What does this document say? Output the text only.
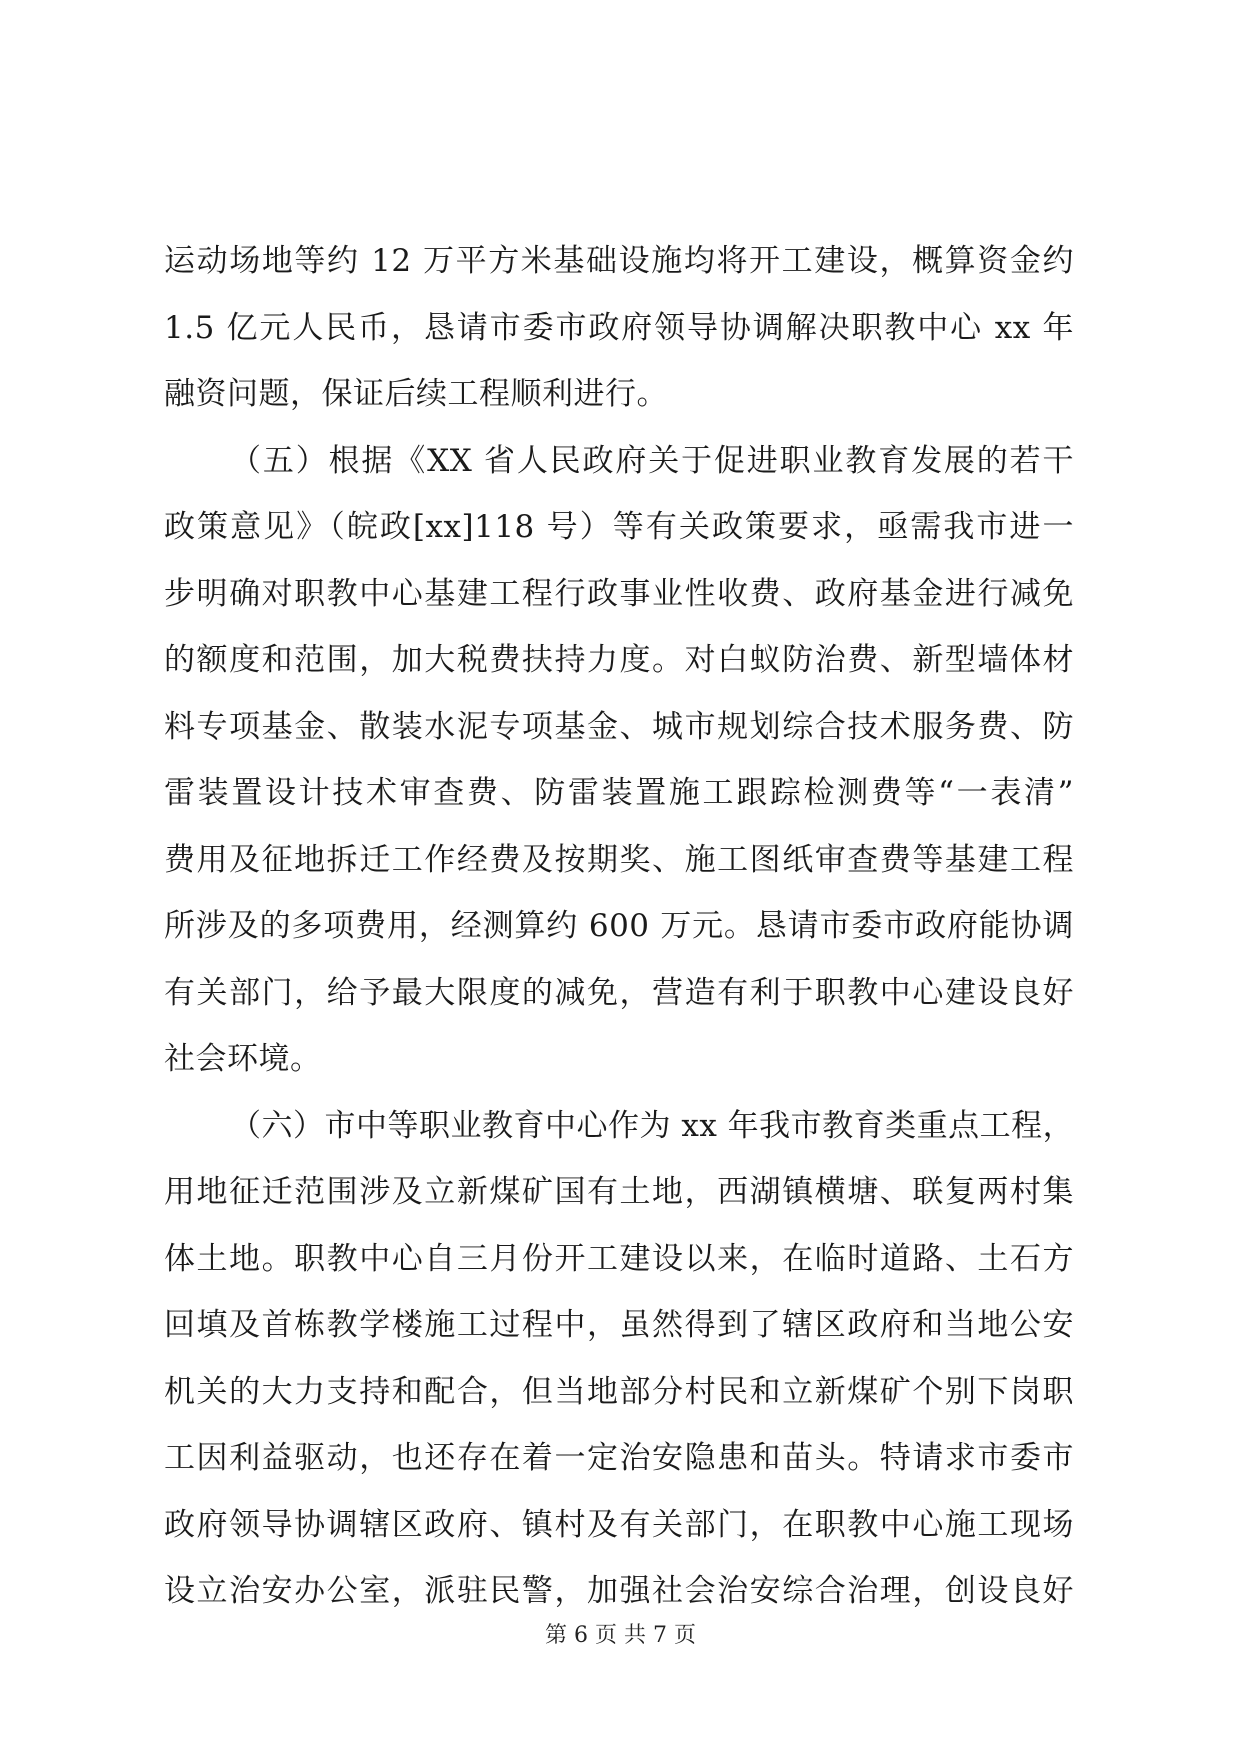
运动场地等约 12 万平方米基础设施均将开工建设，概算资金约
1.5 亿元人民币，恳请市委市政府领导协调解决职教中心 xx 年
融资问题，保证后续工程顺利进行。
（五）根据《XX 省人民政府关于促进职业教育发展的若干
政策意见》（皖政[xx]118 号）等有关政策要求，亟需我市进一
步明确对职教中心基建工程行政事业性收费、政府基金进行减免
的额度和范围，加大税费扶持力度。对白蚁防治费、新型墙体材
料专项基金、散装水泥专项基金、城市规划综合技术服务费、防
雷装置设计技术审查费、防雷装置施工跟踪检测费等“一表清”
费用及征地拆迁工作经费及按期奖、施工图纸审查费等基建工程
所涉及的多项费用，经测算约 600 万元。恳请市委市政府能协调
有关部门，给予最大限度的减免，营造有利于职教中心建设良好
社会环境。
（六）市中等职业教育中心作为 xx 年我市教育类重点工程，
用地征迁范围涉及立新煤矿国有土地，西湖镇横塘、联复两村集
体土地。职教中心自三月份开工建设以来，在临时道路、土石方
回填及首栋教学楼施工过程中，虽然得到了辖区政府和当地公安
机关的大力支持和配合，但当地部分村民和立新煤矿个别下岗职
工因利益驱动，也还存在着一定治安隐患和苗头。特请求市委市
政府领导协调辖区政府、镇村及有关部门，在职教中心施工现场
设立治安办公室，派驻民警，加强社会治安综合治理，创设良好
第 6 页 共 7 页
